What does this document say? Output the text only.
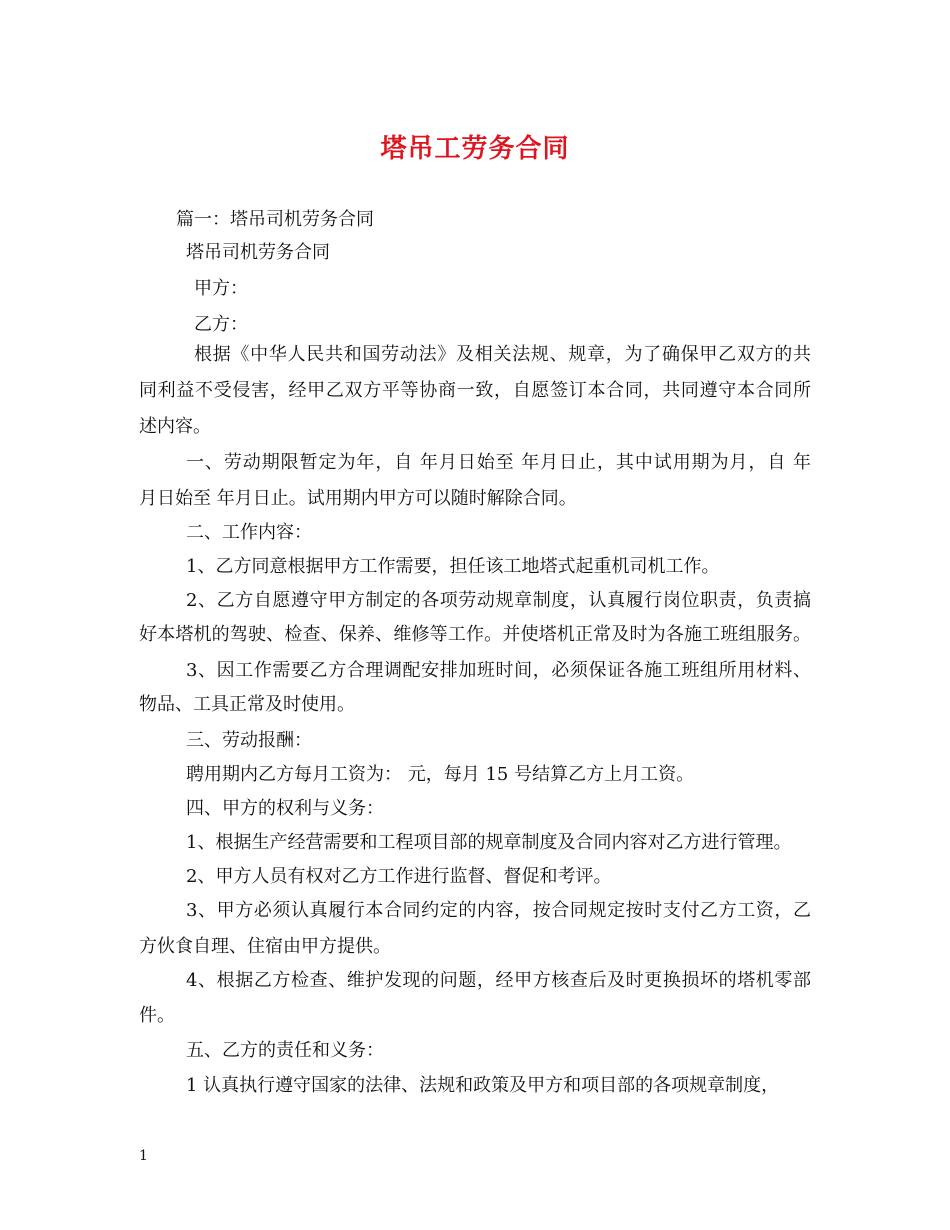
塔吊工劳务合同
篇一：塔吊司机劳务合同
塔吊司机劳务合同
甲方：
乙方：
根据《中华人民共和国劳动法》及相关法规、规章，为了确保甲乙双方的共
同利益不受侵害，经甲乙双方平等协商一致，自愿签订本合同，共同遵守本合同所
述内容。
一、劳动期限暂定为年，自 年月日始至 年月日止，其中试用期为月，自 年
月日始至 年月日止。试用期内甲方可以随时解除合同。
二、工作内容：
1、乙方同意根据甲方工作需要，担任该工地塔式起重机司机工作。
2、乙方自愿遵守甲方制定的各项劳动规章制度，认真履行岗位职责，负责搞
好本塔机的驾驶、检查、保养、维修等工作。并使塔机正常及时为各施工班组服务。
3、因工作需要乙方合理调配安排加班时间，必须保证各施工班组所用材料、
物品、工具正常及时使用。
三、劳动报酬：
聘用期内乙方每月工资为： 元，每月 15 号结算乙方上月工资。
四、甲方的权利与义务：
1、根据生产经营需要和工程项目部的规章制度及合同内容对乙方进行管理。
2、甲方人员有权对乙方工作进行监督、督促和考评。
3、甲方必须认真履行本合同约定的内容，按合同规定按时支付乙方工资，乙
方伙食自理、住宿由甲方提供。
4、根据乙方检查、维护发现的问题，经甲方核查后及时更换损坏的塔机零部
件。
五、乙方的责任和义务：
1 认真执行遵守国家的法律、法规和政策及甲方和项目部的各项规章制度，
1
